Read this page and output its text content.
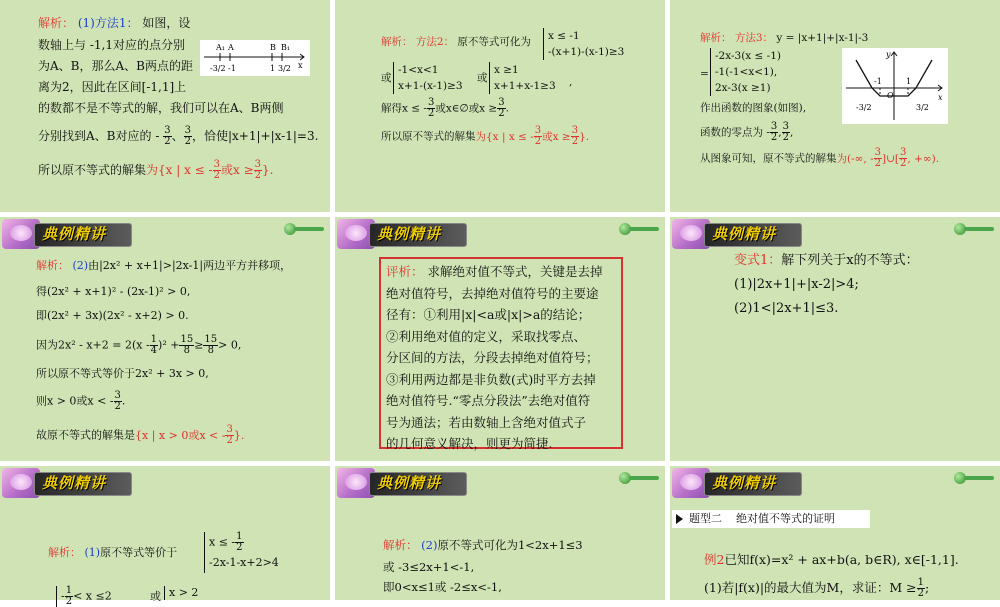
解析： (1)方法1： 如图，设
数轴上与 -1,1对应的点分别
为A、B，那么A、B两点的距
离为2，因此在区间[-1,1]上
的数都不是不等式的解，我们可以在A、B两侧
分别找到A、B对应的 - $\frac{3}{2}$ 、 $\frac{3}{2}$ ，恰使|x+1|+|x-1|=3.
所以原不等式的解集为{x | x ≤ - $\frac{3}{2}$ 或$x \ge \frac{3}{2}$ }.
A₁ A	B B₁
-3/2 -1	1 3/2 x
解析： 方法2： 原不等式可化为 x ≤ -1
-(x+1)-(x-1)≥3
或
-1<x<1
x+1-(x-1)≥3
或
x ≥1
x+1+x-1≥3 ,
解得x ≤ - $\frac{3}{2}$ 或x∈∅或$x \ge \frac{3}{2}$ .
所以原不等式的解集为{x | x ≤ - $\frac{3}{2}$ 或$x \ge \frac{3}{2}$ }.
解析： 方法3： y = |x+1|+|x-1|-3
=
-2x-3(x ≤ -1)
-1(-1<x<1),
2x-3(x ≥1)
作出函数的图象(如图),
函数的零点为 - $\frac{3}{2}$ , $\frac{3}{2}$ ,
从图象可知，原不等式的解集为(-∞, - $\frac{3}{2}$ ]∪[ $\frac{3}{2}$ , +∞).
y
x
O
-1	1
-3/2	3/2
典例精讲
解析： (2)由|2x² + x+1|>|2x-1|两边平方并移项，
得(2x² + x+1)² - (2x-1)² > 0,
即(2x² + 3x)(2x² - x+2) > 0.
因为$2x^2 - x+2 = 2(x - \frac{1}{4} )^2 + \frac{15}{8} \ge \frac{15}{8} > 0$,
所以原不等式等价于2x² + 3x > 0,
则x > 0或x < - $\frac{3}{2}$ .
故原不等式的解集是{x | x > 0或x < - $\frac{3}{2}$ }.
典例精讲
评析： 求解绝对值不等式，关键是去掉
绝对值符号，去掉绝对值符号的主要途
径有：①利用|x|<a或|x|>a的结论；
②利用绝对值的定义，采取找零点、
分区间的方法，分段去掉绝对值符号；
③利用两边都是非负数(式)时平方去掉
绝对值符号.“零点分段法”去绝对值符
号为通法；若由数轴上含绝对值式子
的几何意义解决，则更为简捷.
典例精讲
变式1：解下列关于x的不等式：
(1)|2x+1|+|x-2|>4;
(2)1<|2x+1|≤3.
典例精讲
解析： (1)原不等式等价于
x ≤ - $\frac{1}{2}$
-2x-1-x+2>4
- $\frac{1}{2} < x \le 2$	或 x > 2
典例精讲
解析： (2)原不等式可化为1<2x+1≤3
或 -3≤2x+1<-1,
即0<x≤1或 -2≤x<-1,
典例精讲
题型二 绝对值不等式的证明
例2已知f(x)=x² + ax+b(a, b∈R), x∈[-1,1].
(1)若|f(x)|的最大值为M，求证：$M \ge \frac{1}{2}$ ;
